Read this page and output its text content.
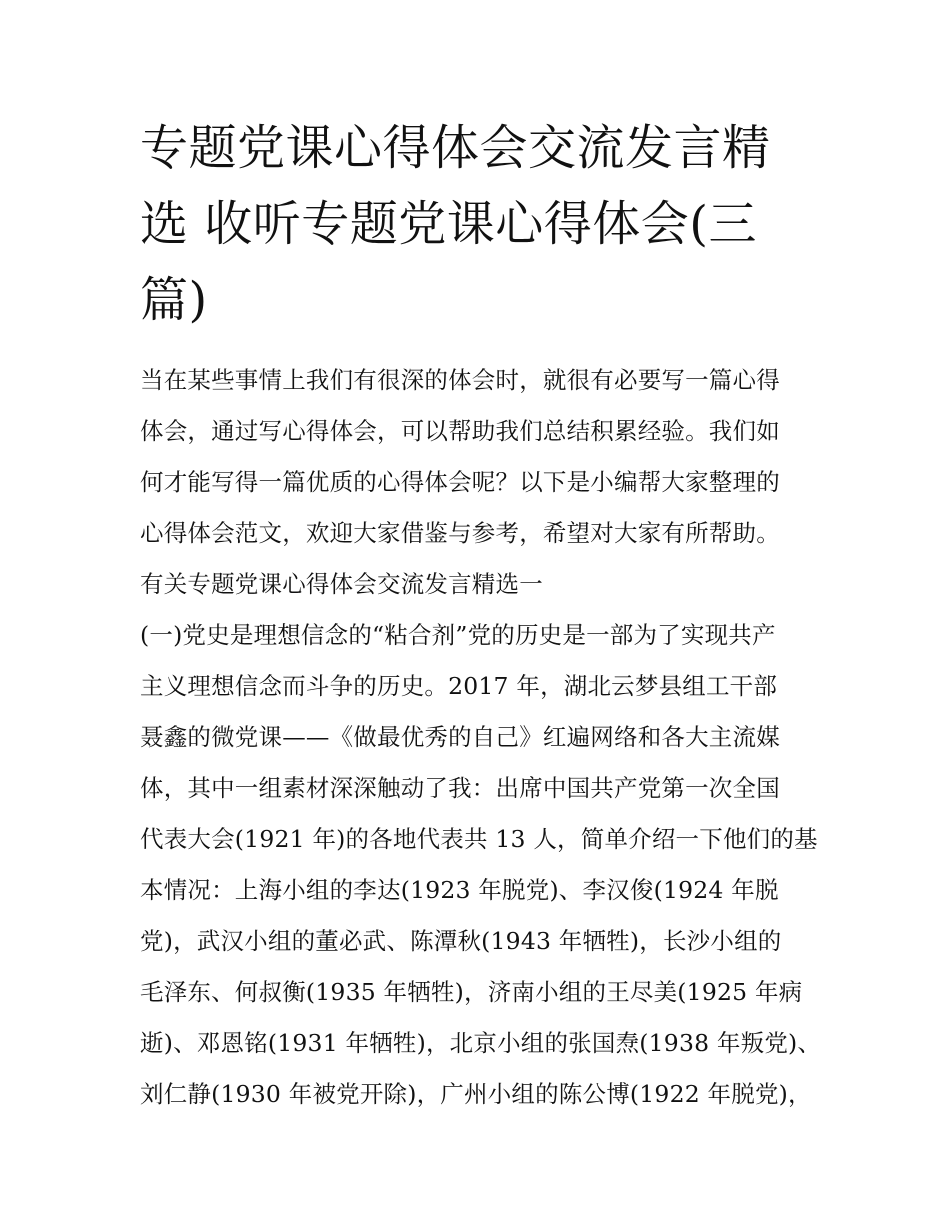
专题党课心得体会交流发言精
选 收听专题党课心得体会(三
篇)
当在某些事情上我们有很深的体会时，就很有必要写一篇心得
体会，通过写心得体会，可以帮助我们总结积累经验。我们如
何才能写得一篇优质的心得体会呢？以下是小编帮大家整理的
心得体会范文，欢迎大家借鉴与参考，希望对大家有所帮助。
有关专题党课心得体会交流发言精选一
(一)党史是理想信念的“粘合剂”党的历史是一部为了实现共产
主义理想信念而斗争的历史。2017 年，湖北云梦县组工干部
聂鑫的微党课——《做最优秀的自己》红遍网络和各大主流媒
体，其中一组素材深深触动了我：出席中国共产党第一次全国
代表大会(1921 年)的各地代表共 13 人，简单介绍一下他们的基
本情况：上海小组的李达(1923 年脱党)、李汉俊(1924 年脱
党)，武汉小组的董必武、陈潭秋(1943 年牺牲)，长沙小组的
毛泽东、何叔衡(1935 年牺牲)，济南小组的王尽美(1925 年病
逝)、邓恩铭(1931 年牺牲)，北京小组的张国焘(1938 年叛党)、
刘仁静(1930 年被党开除)，广州小组的陈公博(1922 年脱党)，
